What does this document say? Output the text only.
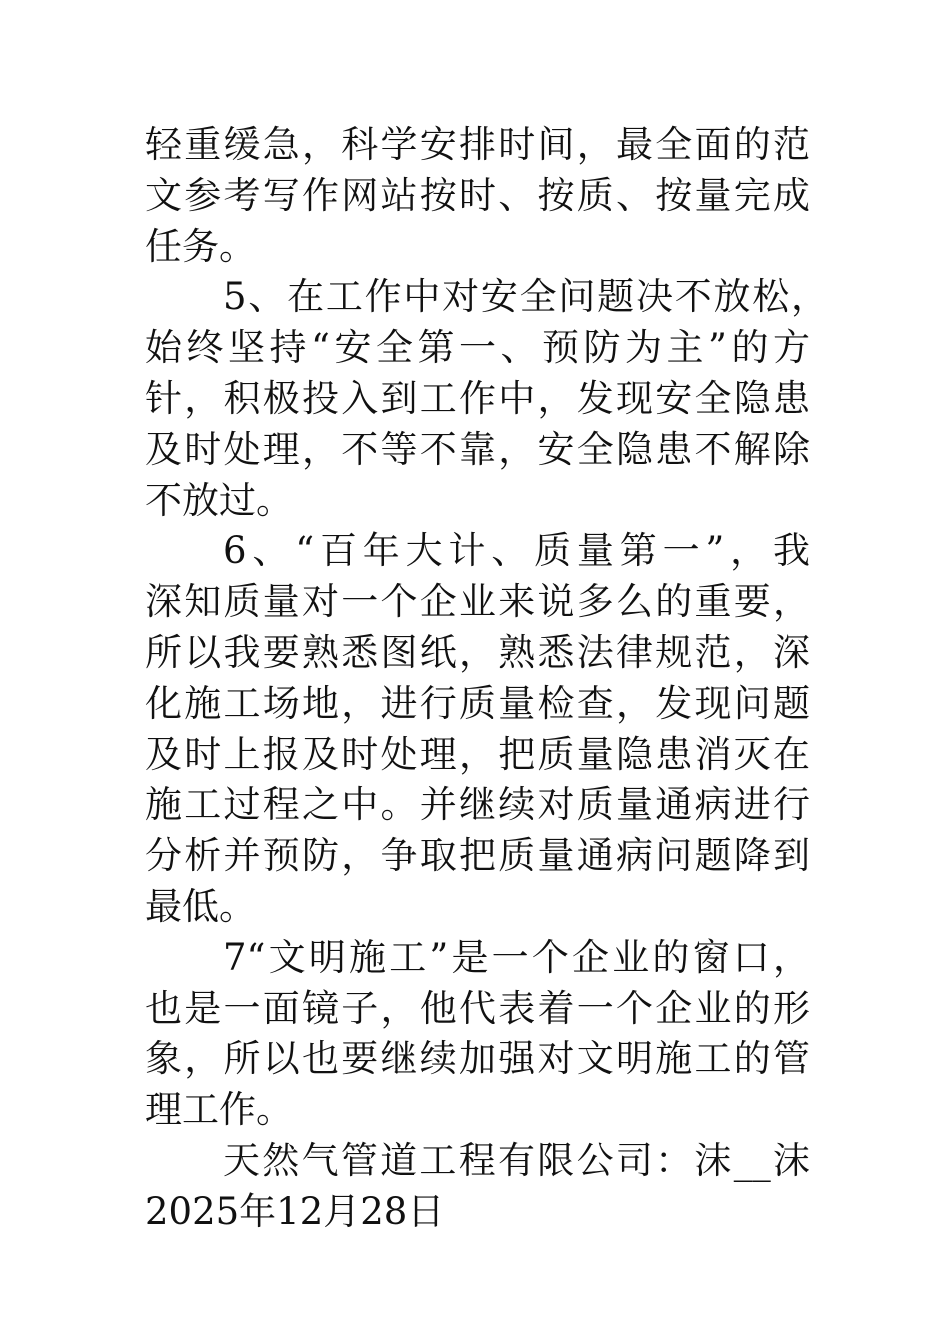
轻重缓急，科学安排时间，最全面的范
文参考写作网站按时、按质、按量完成
任务。
5、在工作中对安全问题决不放松，
始终坚持“安全第一、预防为主”的方
针，积极投入到工作中，发现安全隐患
及时处理，不等不靠，安全隐患不解除
不放过。
6、“百年大计、质量第一”，我
深知质量对一个企业来说多么的重要，
所以我要熟悉图纸，熟悉法律规范，深
化施工场地，进行质量检查，发现问题
及时上报及时处理，把质量隐患消灭在
施工过程之中。并继续对质量通病进行
分析并预防，争取把质量通病问题降到
最低。
7“文明施工”是一个企业的窗口，
也是一面镜子，他代表着一个企业的形
象，所以也要继续加强对文明施工的管
理工作。
天然气管道工程有限公司：沫__沫
2025年12月28日
